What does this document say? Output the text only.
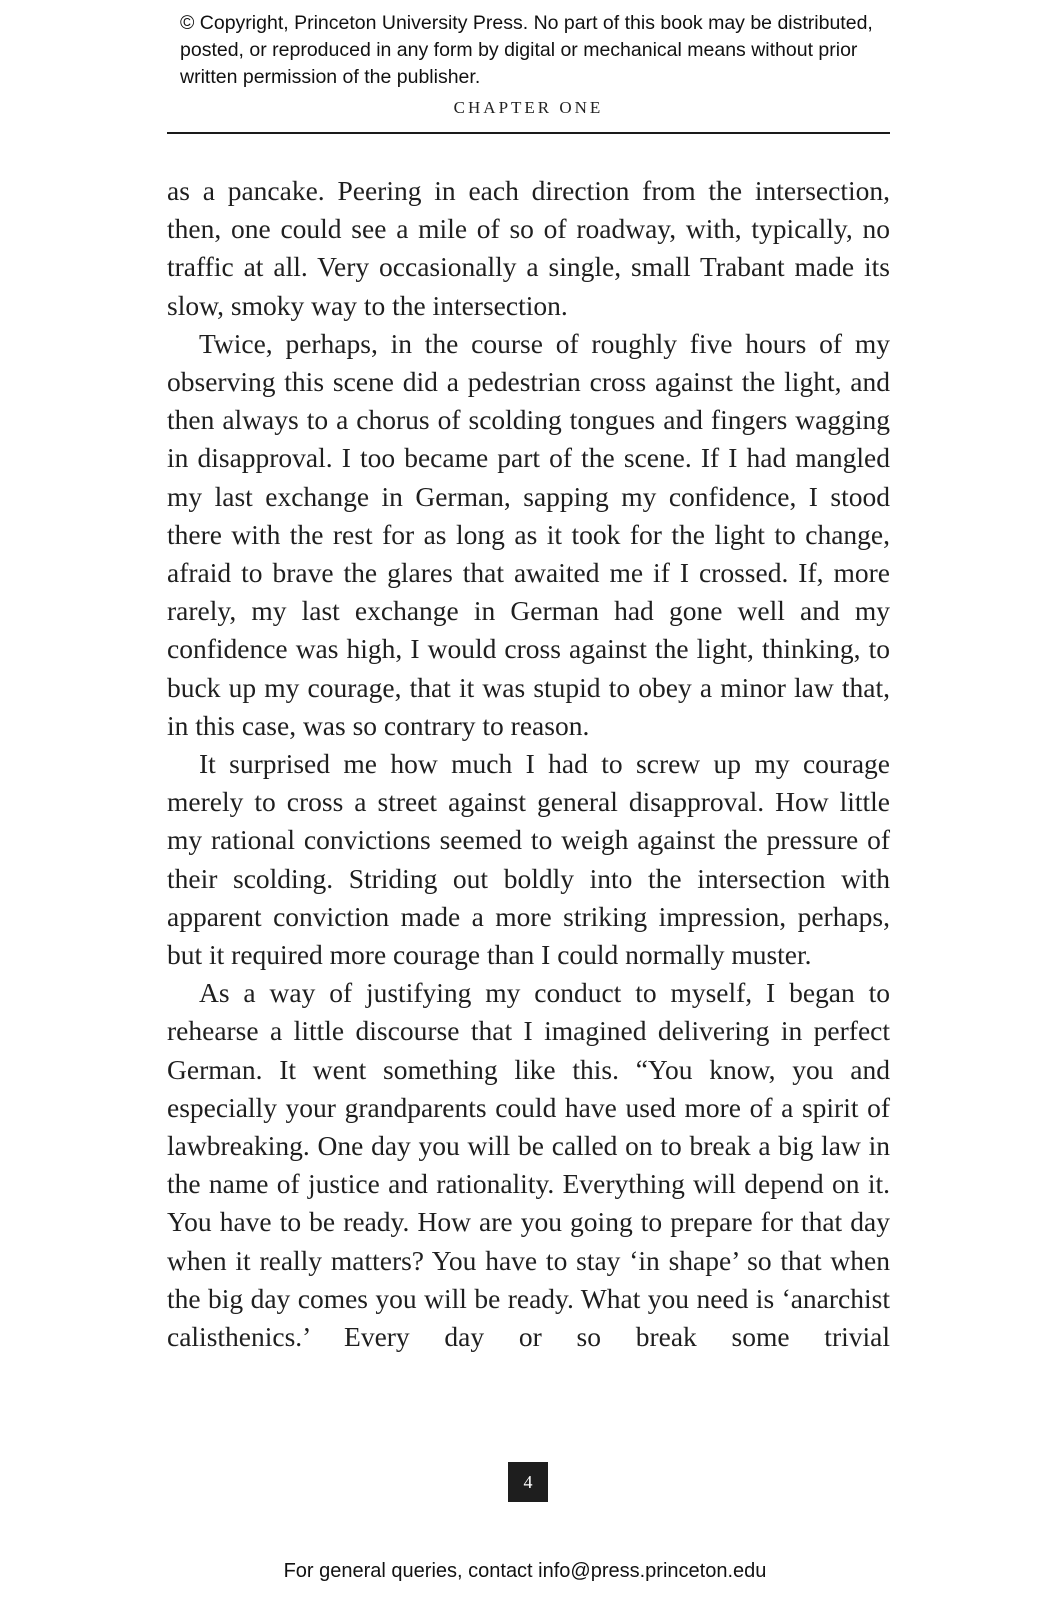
© Copyright, Princeton University Press. No part of this book may be distributed, posted, or reproduced in any form by digital or mechanical means without prior written permission of the publisher.
CHAPTER ONE

as a pancake. Peering in each direction from the intersection, then, one could see a mile of so of roadway, with, typically, no traffic at all. Very occasionally a single, small Trabant made its slow, smoky way to the intersection.

Twice, perhaps, in the course of roughly five hours of my observing this scene did a pedestrian cross against the light, and then always to a chorus of scolding tongues and fingers wagging in disapproval. I too became part of the scene. If I had mangled my last exchange in German, sapping my confidence, I stood there with the rest for as long as it took for the light to change, afraid to brave the glares that awaited me if I crossed. If, more rarely, my last exchange in German had gone well and my confidence was high, I would cross against the light, thinking, to buck up my courage, that it was stupid to obey a minor law that, in this case, was so contrary to reason.

It surprised me how much I had to screw up my courage merely to cross a street against general disapproval. How little my rational convictions seemed to weigh against the pressure of their scolding. Striding out boldly into the intersection with apparent conviction made a more striking impression, perhaps, but it required more courage than I could normally muster.

As a way of justifying my conduct to myself, I began to rehearse a little discourse that I imagined delivering in perfect German. It went something like this. “You know, you and especially your grandparents could have used more of a spirit of lawbreaking. One day you will be called on to break a big law in the name of justice and rationality. Everything will depend on it. You have to be ready. How are you going to prepare for that day when it really matters? You have to stay ‘in shape’ so that when the big day comes you will be ready. What you need is ‘anarchist calisthenics.’ Every day or so break some trivial

4
For general queries, contact info@press.princeton.edu
